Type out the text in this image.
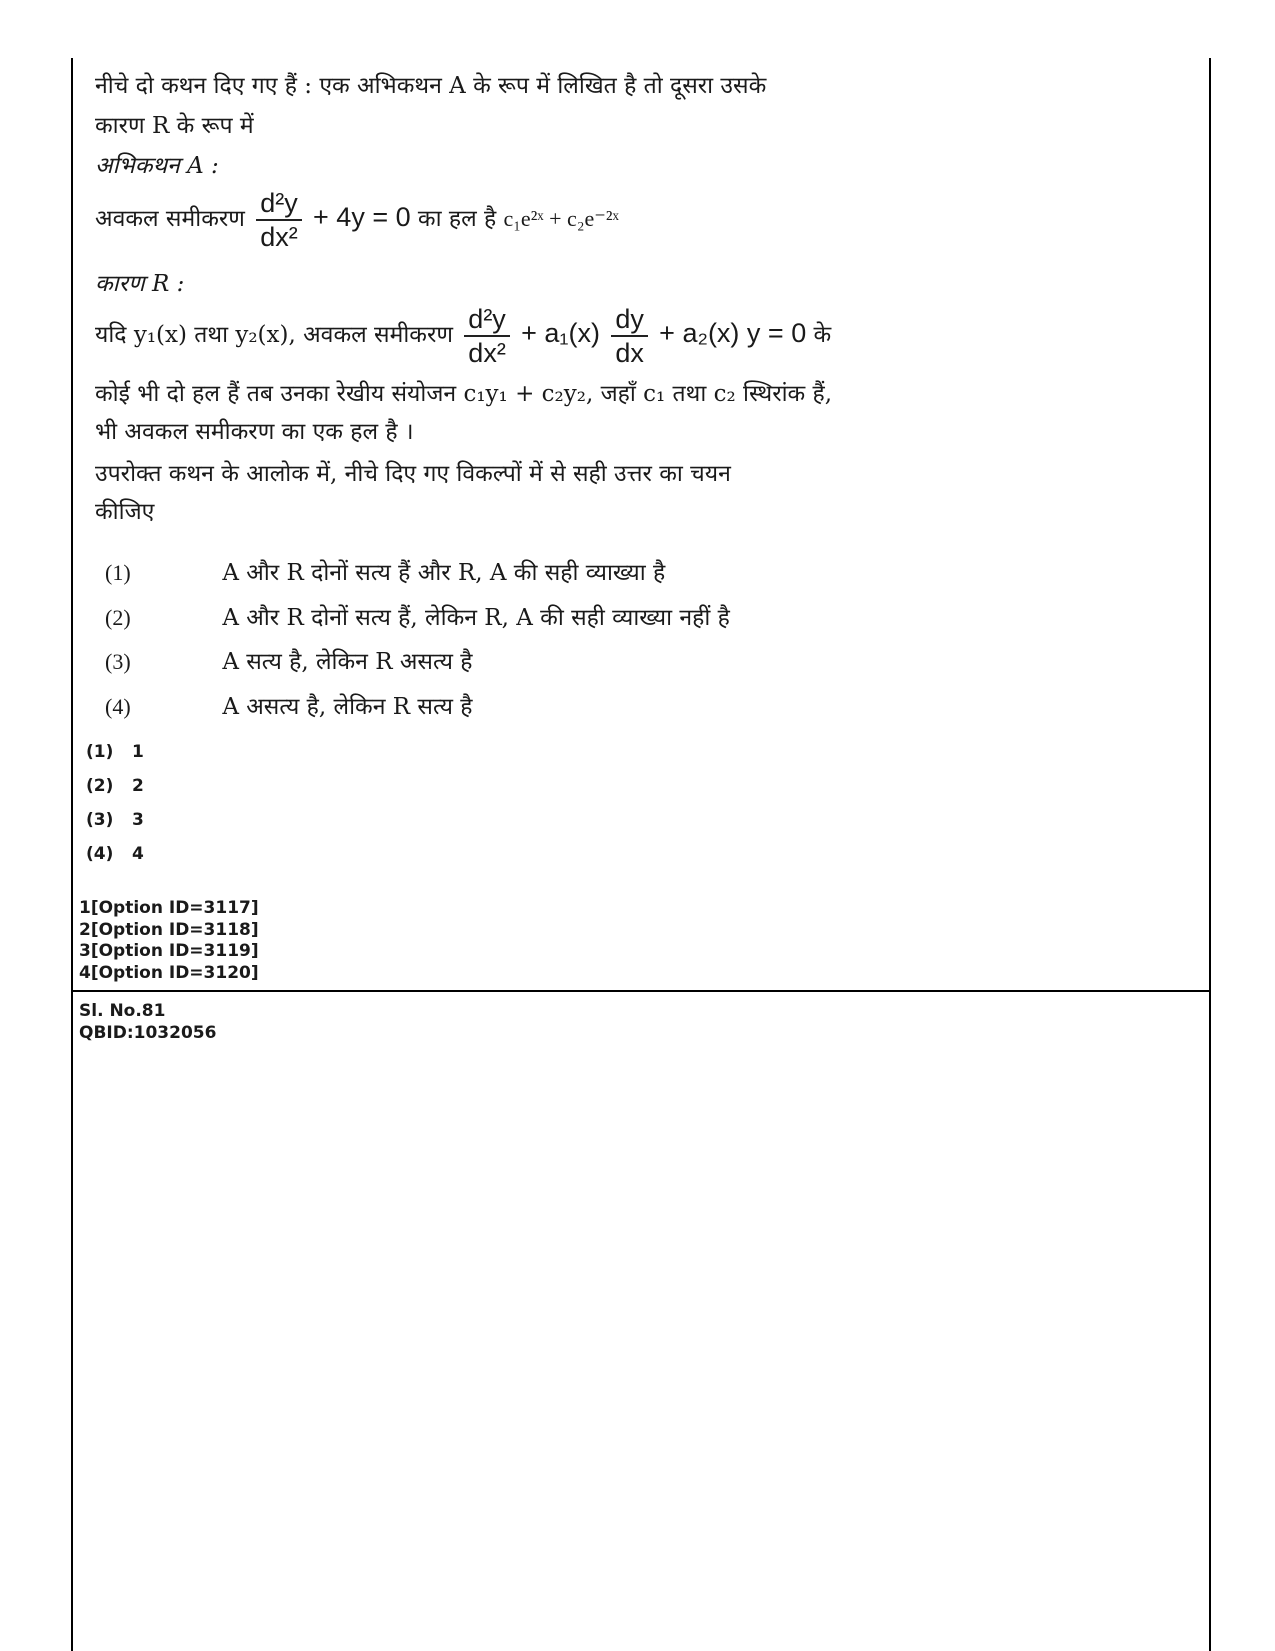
नीचे दो कथन दिए गए हैं : एक अभिकथन A के रूप में लिखित है तो दूसरा उसके
कारण R के रूप में
अभिकथन A :
अवकल समीकरण $\frac{\text{d²y}}{\text{dx²}} + 4y = 0$ का हल है c₁e²ˣ + c₂e⁻²ˣ
कारण R :
यदि y₁(x) तथा y₂(x), अवकल समीकरण $\frac{\text{d²y}}{\text{dx²}} + a_1(x) \frac{dy}{dx} + a_2(x) y = 0$ के
कोई भी दो हल हैं तब उनका रेखीय संयोजन c₁y₁ + c₂y₂, जहाँ c₁ तथा c₂ स्थिरांक हैं,
भी अवकल समीकरण का एक हल है ।
उपरोक्त कथन के आलोक में, नीचे दिए गए विकल्पों में से सही उत्तर का चयन
कीजिए
(1)	A और R दोनों सत्य हैं और R, A की सही व्याख्या है
(2)	A और R दोनों सत्य हैं, लेकिन R, A की सही व्याख्या नहीं है
(3)	A सत्य है, लेकिन R असत्य है
(4)	A असत्य है, लेकिन R सत्य है
(1) 1
(2) 2
(3) 3
(4) 4
1[Option ID=3117]
2[Option ID=3118]
3[Option ID=3119]
4[Option ID=3120]
Sl. No.81
QBID:1032056
